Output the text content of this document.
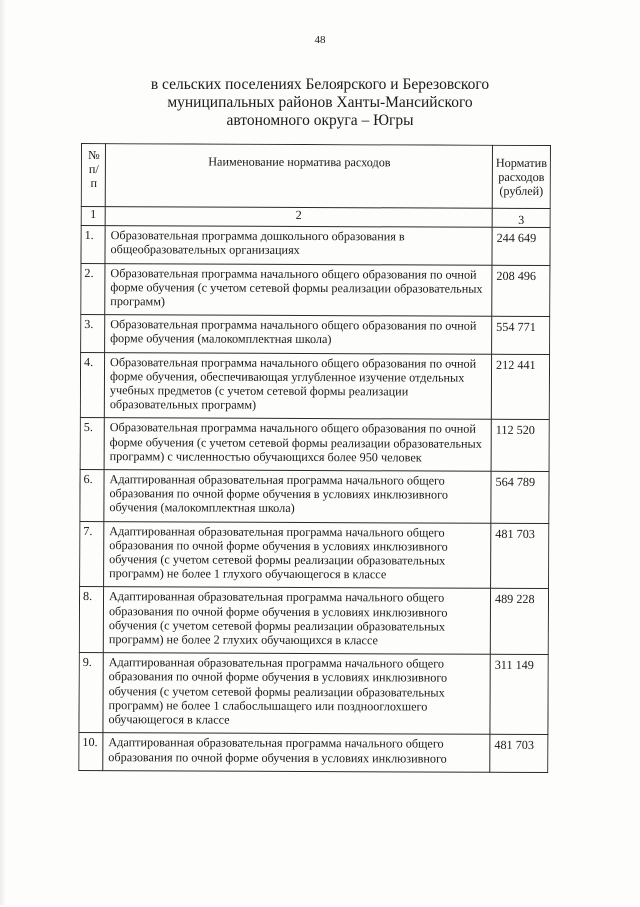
48
в сельских поселениях Белоярского и Березовского муниципальных районов Ханты-Мансийского автономного округа – Югры
№ п/п	Наименование норматива расходов	Норматив расходов (рублей)
1	2	3
1.	Образовательная программа дошкольного образования в общеобразовательных организациях	244 649
2.	Образовательная программа начального общего образования по очной форме обучения (с учетом сетевой формы реализации образовательных программ)	208 496
3.	Образовательная программа начального общего образования по очной форме обучения (малокомплектная школа)	554 771
4.	Образовательная программа начального общего образования по очной форме обучения, обеспечивающая углубленное изучение отдельных учебных предметов (с учетом сетевой формы реализации образовательных программ)	212 441
5.	Образовательная программа начального общего образования по очной форме обучения (с учетом сетевой формы реализации образовательных программ) с численностью обучающихся более 950 человек	112 520
6.	Адаптированная образовательная программа начального общего образования по очной форме обучения в условиях инклюзивного обучения (малокомплектная школа)	564 789
7.	Адаптированная образовательная программа начального общего образования по очной форме обучения в условиях инклюзивного обучения (с учетом сетевой формы реализации образовательных программ) не более 1 глухого обучающегося в классе	481 703
8.	Адаптированная образовательная программа начального общего образования по очной форме обучения в условиях инклюзивного обучения (с учетом сетевой формы реализации образовательных программ) не более 2 глухих обучающихся в классе	489 228
9.	Адаптированная образовательная программа начального общего образования по очной форме обучения в условиях инклюзивного обучения (с учетом сетевой формы реализации образовательных программ) не более 1 слабослышащего или позднооглохшего обучающегося в классе	311 149
10.	Адаптированная образовательная программа начального общего образования по очной форме обучения в условиях инклюзивного	481 703
